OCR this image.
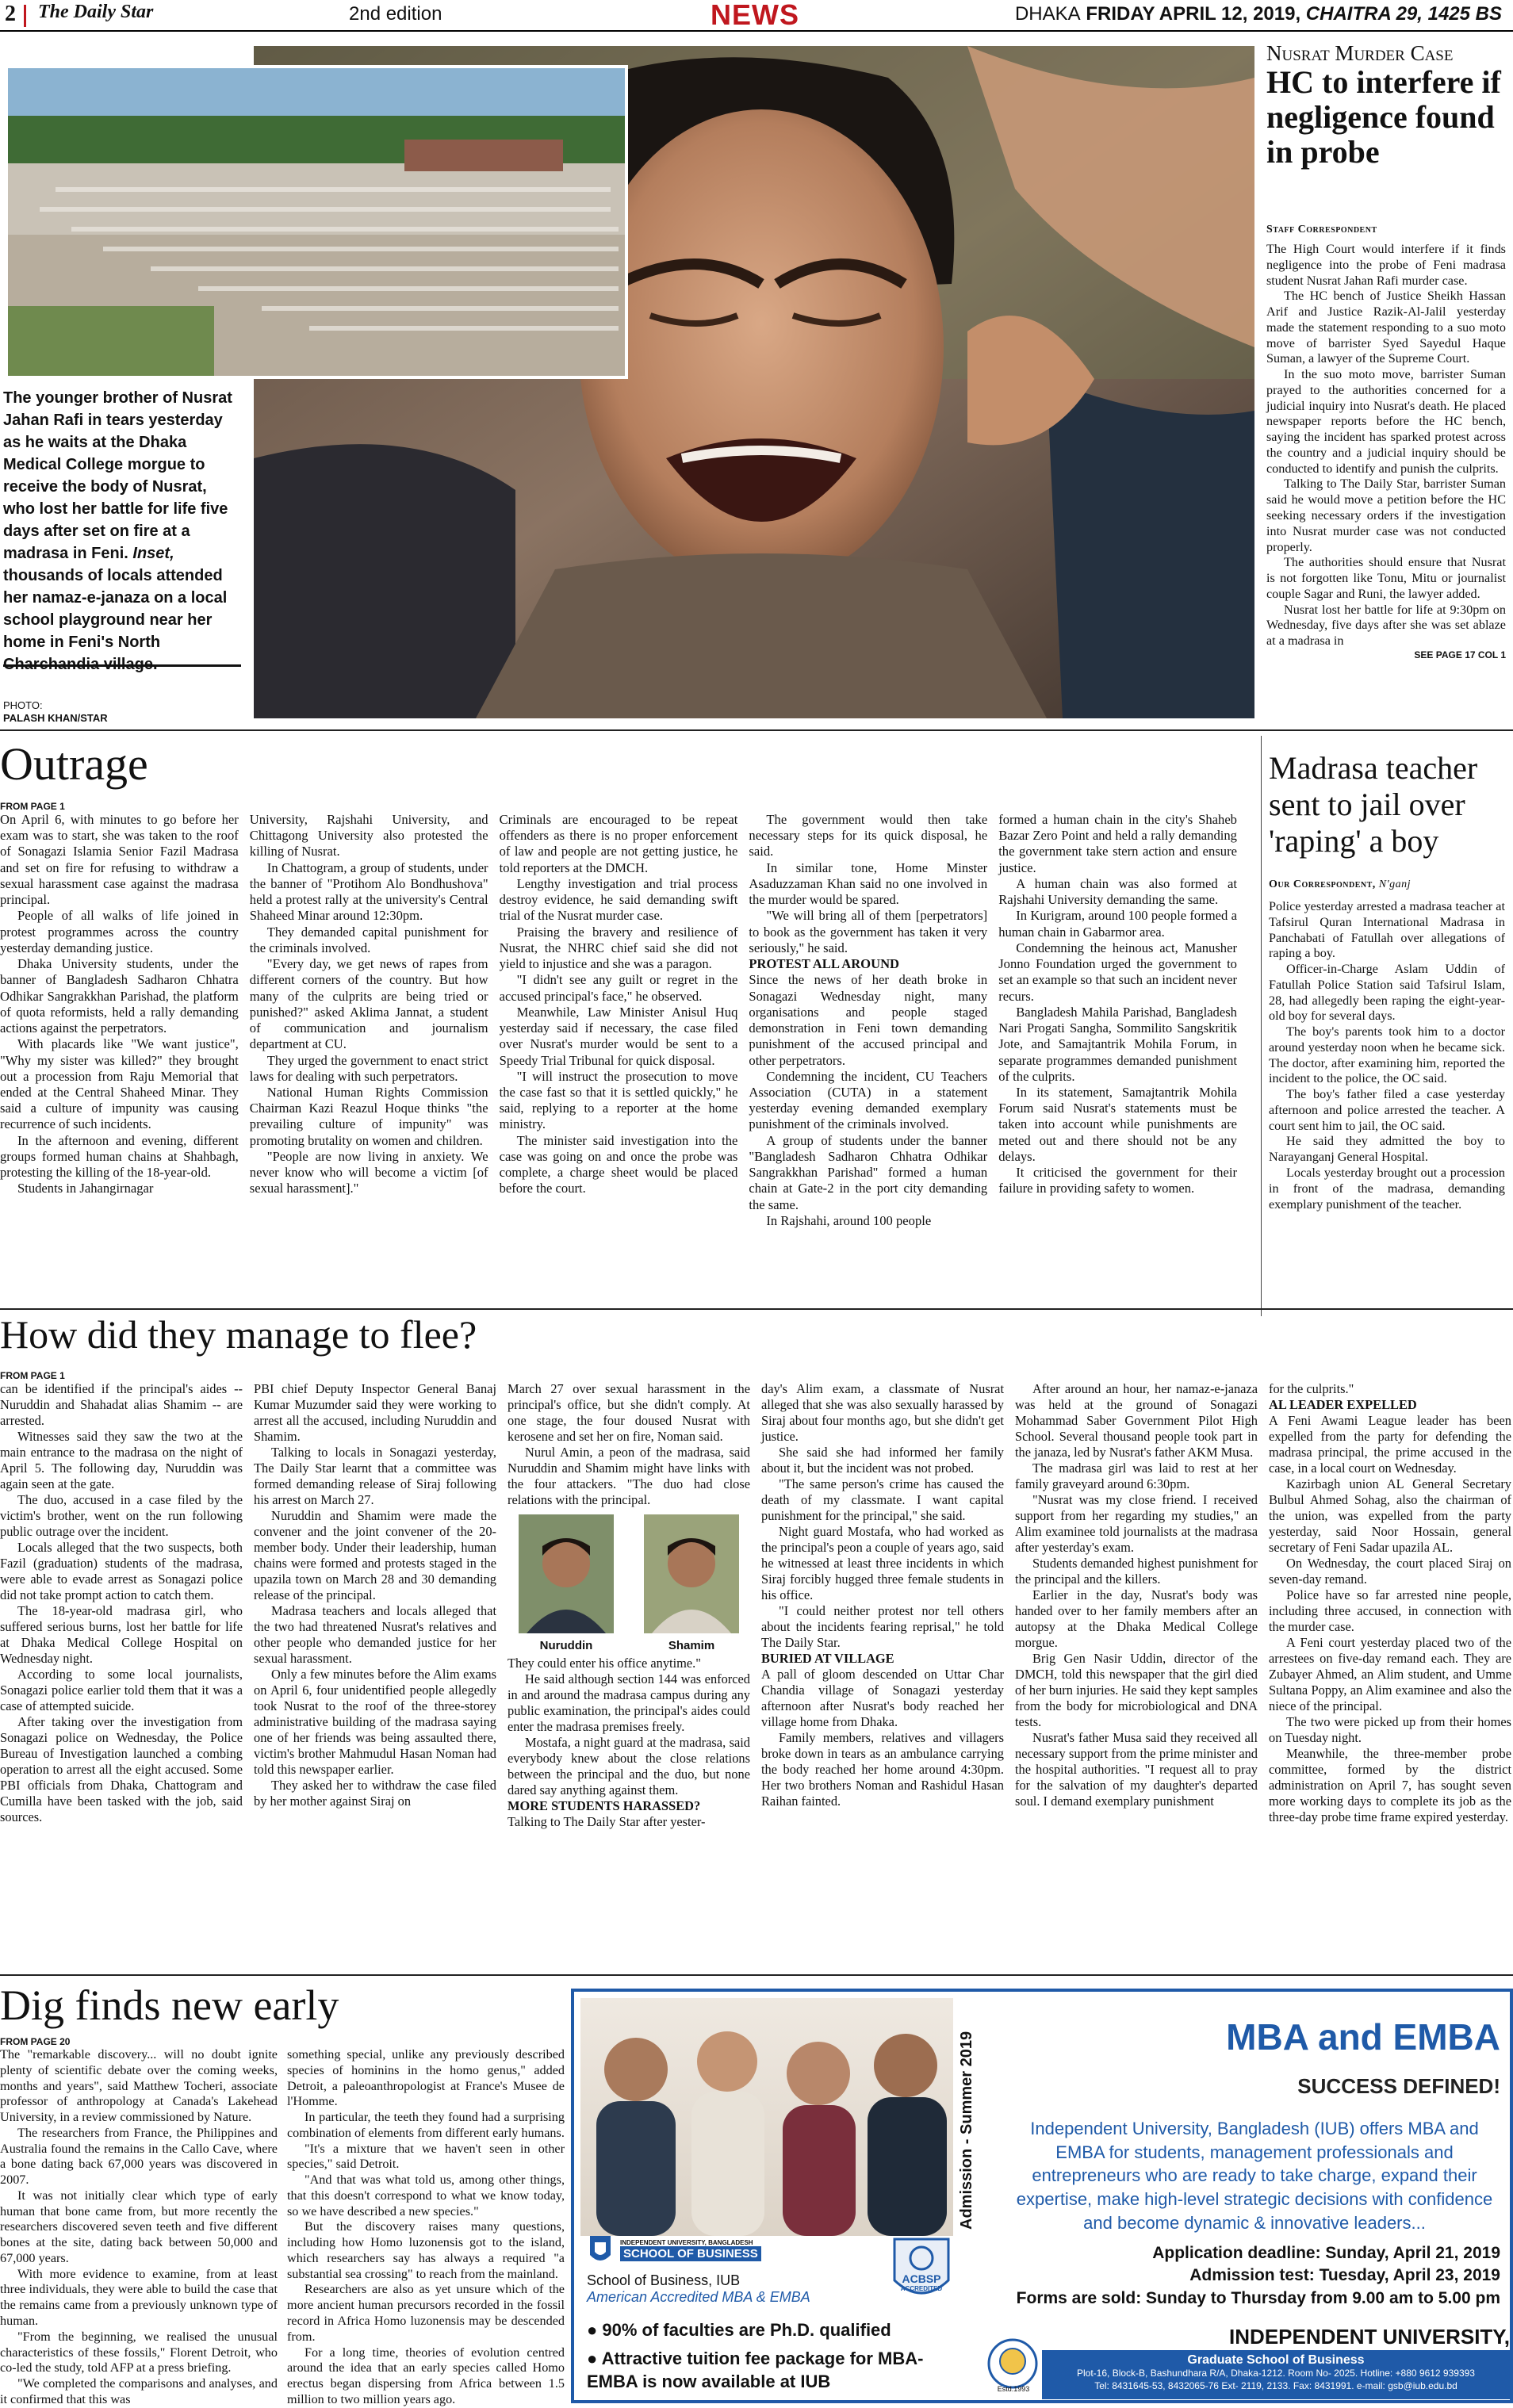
2 The Daily Star	2nd edition	NEWS	DHAKA FRIDAY APRIL 12, 2019, CHAITRA 29, 1425 BS
The younger brother of Nusrat Jahan Rafi in tears yesterday as he waits at the Dhaka Medical College morgue to receive the body of Nusrat, who lost her battle for life five days after set on fire at a madrasa in Feni. Inset, thousands of locals attended her namaz-e-janaza on a local school playground near her home in Feni's North
PHOTO:
PALASH KHAN/STAR
Nusrat Murder Case
HC to interfere if negligence found in probe
Staff Correspondent

The High Court would interfere if it finds negligence into the probe of Feni madrasa student Nusrat Jahan Rafi murder case.

The HC bench of Justice Sheikh Hassan Arif and Justice Razik-Al-Jalil yesterday made the statement responding to a suo moto move of barrister Syed Sayedul Haque Suman, a lawyer of the Supreme Court.

In the suo moto move, barrister Suman prayed to the authorities concerned for a judicial inquiry into Nusrat's death. He placed newspaper reports before the HC bench, saying the incident has sparked protest across the country and a judicial inquiry should be conducted to identify and punish the culprits.

Talking to The Daily Star, barrister Suman said he would move a petition before the HC seeking necessary orders if the investigation into Nusrat murder case was not conducted properly.

The authorities should ensure that Nusrat is not forgotten like Tonu, Mitu or journalist couple Sagar and Runi, the lawyer added.

Nusrat lost her battle for life at 9:30pm on Wednesday, five days after she was set ablaze at a madrasa in

SEE PAGE 17 COL 1
Outrage
FROM PAGE 1

On April 6, with minutes to go before her exam was to start, she was taken to the roof of Sonagazi Islamia Senior Fazil Madrasa and set on fire for refusing to withdraw a sexual harassment case against the madrasa principal.

People of all walks of life joined in protest programmes across the country yesterday demanding justice.

Dhaka University students, under the banner of Bangladesh Sadharon Chhatra Odhikar Sangrakkhan Parishad, the platform of quota reformists, held a rally demanding actions against the perpetrators.

With placards like "We want justice", "Why my sister was killed?" they brought out a procession from Raju Memorial that ended at the Central Shaheed Minar. They said a culture of impunity was causing recurrence of such incidents.

In the afternoon and evening, different groups formed human chains at Shahbagh, protesting the killing of the 18-year-old.

Students in Jahangirnagar

University, Rajshahi University, and Chittagong University also protested the killing of Nusrat.

In Chattogram, a group of students, under the banner of "Protihom Alo Bondhushova" held a protest rally at the university's Central Shaheed Minar around 12:30pm.

They demanded capital punishment for the criminals involved.

"Every day, we get news of rapes from different corners of the country. But how many of the culprits are being tried or punished?" asked Aklima Jannat, a student of communication and journalism department at CU.

They urged the government to enact strict laws for dealing with such perpetrators.

National Human Rights Commission Chairman Kazi Reazul Hoque thinks "the prevailing culture of impunity" was promoting brutality on women and children.

"People are now living in anxiety. We never know who will become a victim [of sexual harassment]."

Criminals are encouraged to be repeat offenders as there is no proper enforcement of law and people are not getting justice, he told reporters at the DMCH.

Lengthy investigation and trial process destroy evidence, he said demanding swift trial of the Nusrat murder case.

Praising the bravery and resilience of Nusrat, the NHRC chief said she did not yield to injustice and she was a paragon.

"I didn't see any guilt or regret in the accused principal's face," he observed.

Meanwhile, Law Minister Anisul Huq yesterday said if necessary, the case filed over Nusrat's murder would be sent to a Speedy Trial Tribunal for quick disposal.

"I will instruct the prosecution to move the case fast so that it is settled quickly," he said, replying to a reporter at the home ministry.

The minister said investigation into the case was going on and once the probe was complete, a charge sheet would be placed before the court.

The government would then take necessary steps for its quick disposal, he said.

In similar tone, Home Minster Asaduzzaman Khan said no one involved in the murder would be spared.

"We will bring all of them [perpetrators] to book as the government has taken it very seriously," he said.

PROTEST ALL AROUND

Since the news of her death broke in Sonagazi Wednesday night, many organisations and people staged demonstration in Feni town demanding punishment of the accused principal and other perpetrators.

Condemning the incident, CU Teachers Association (CUTA) in a statement yesterday evening demanded exemplary punishment of the criminals involved.

A group of students under the banner "Bangladesh Sadharon Chhatra Odhikar Sangrakkhan Parishad" formed a human chain at Gate-2 in the port city demanding the same.

In Rajshahi, around 100 people

formed a human chain in the city's Shaheb Bazar Zero Point and held a rally demanding the government take stern action and ensure justice.

A human chain was also formed at Rajshahi University demanding the same.

In Kurigram, around 100 people formed a human chain in Gabarmor area.

Condemning the heinous act, Manusher Jonno Foundation urged the government to set an example so that such an incident never recurs.

Bangladesh Mahila Parishad, Bangladesh Nari Progati Sangha, Sommilito Sangskritik Jote, and Samajtantrik Mohila Forum, in separate programmes demanded punishment of the culprits.

In its statement, Samajtantrik Mohila Forum said Nusrat's statements must be taken into account while punishments are meted out and there should not be any delays.

It criticised the government for their failure in providing safety to women.

Madrasa teacher sent to jail over 'raping' a boy
Our Correspondent, N'ganj

Police yesterday arrested a madrasa teacher at Tafsirul Quran International Madrasa in Panchabati of Fatullah over allegations of raping a boy.

Officer-in-Charge Aslam Uddin of Fatullah Police Station said Tafsirul Islam, 28, had allegedly been raping the eight-year-old boy for several days.

The boy's parents took him to a doctor around yesterday noon when he became sick. The doctor, after examining him, reported the incident to the police, the OC said.

The boy's father filed a case yesterday afternoon and police arrested the teacher. A court sent him to jail, the OC said.

He said they admitted the boy to Narayanganj General Hospital.

Locals yesterday brought out a procession in front of the madrasa, demanding exemplary punishment of the teacher.

How did they manage to flee?
FROM PAGE 1

can be identified if the principal's aides -- Nuruddin and Shahadat alias Shamim -- are arrested.

Witnesses said they saw the two at the main entrance to the madrasa on the night of April 5. The following day, Nuruddin was again seen at the gate.

The duo, accused in a case filed by the victim's brother, went on the run following public outrage over the incident.

Locals alleged that the two suspects, both Fazil (graduation) students of the madrasa, were able to evade arrest as Sonagazi police did not take prompt action to catch them.

The 18-year-old madrasa girl, who suffered serious burns, lost her battle for life at Dhaka Medical College Hospital on Wednesday night.

According to some local journalists, Sonagazi police earlier told them that it was a case of attempted suicide.

After taking over the investigation from Sonagazi police on Wednesday, the Police Bureau of Investigation launched a combing operation to arrest all the eight accused. Some PBI officials from Dhaka, Chattogram and Cumilla have been tasked with the job, said sources.

PBI chief Deputy Inspector General Banaj Kumar Muzumder said they were working to arrest all the accused, including Nuruddin and Shamim.

Talking to locals in Sonagazi yesterday, The Daily Star learnt that a committee was formed demanding release of Siraj following his arrest on March 27.

Nuruddin and Shamim were made the convener and the joint convener of the 20-member body. Under their leadership, human chains were formed and protests staged in the upazila town on March 28 and 30 demanding release of the principal.

Madrasa teachers and locals alleged that the two had threatened Nusrat's relatives and other people who demanded justice for her sexual harassment.

Only a few minutes before the Alim exams on April 6, four unidentified people allegedly took Nusrat to the roof of the three-storey administrative building of the madrasa saying one of her friends was being assaulted there, victim's brother Mahmudul Hasan Noman had told this newspaper earlier.

They asked her to withdraw the case filed by her mother against Siraj on

March 27 over sexual harassment in the principal's office, but she didn't comply. At one stage, the four doused Nusrat with kerosene and set her on fire, Noman said.

Nurul Amin, a peon of the madrasa, said Nuruddin and Shamim might have links with the four attackers. "The duo had close relations with the principal.

Nuruddin	Shamim

They could enter his office anytime."

He said although section 144 was enforced in and around the madrasa campus during any public examination, the principal's aides could enter the madrasa premises freely.

Mostafa, a night guard at the madrasa, said everybody knew about the close relations between the principal and the duo, but none dared say anything against them.

MORE STUDENTS HARASSED?

Talking to The Daily Star after yester-

day's Alim exam, a classmate of Nusrat alleged that she was also sexually harassed by Siraj about four months ago, but she didn't get justice.

She said she had informed her family about it, but the incident was not probed.

"The same person's crime has caused the death of my classmate. I want capital punishment for the principal," she said.

Night guard Mostafa, who had worked as the principal's peon a couple of years ago, said he witnessed at least three incidents in which Siraj forcibly hugged three female students in his office.

"I could neither protest nor tell others about the incidents fearing reprisal," he told The Daily Star.

BURIED AT VILLAGE

A pall of gloom descended on Uttar Char Chandia village of Sonagazi yesterday afternoon after Nusrat's body reached her village home from Dhaka.

Family members, relatives and villagers broke down in tears as an ambulance carrying the body reached her home around 4:30pm. Her two brothers Noman and Rashidul Hasan Raihan fainted.

After around an hour, her namaz-e-janaza was held at the ground of Sonagazi Mohammad Saber Government Pilot High School. Several thousand people took part in the janaza, led by Nusrat's father AKM Musa.

The madrasa girl was laid to rest at her family graveyard around 6:30pm.

"Nusrat was my close friend. I received support from her regarding my studies," an Alim examinee told journalists at the madrasa after yesterday's exam.

Students demanded highest punishment for the principal and the killers.

Earlier in the day, Nusrat's body was handed over to her family members after an autopsy at the Dhaka Medical College morgue.

Brig Gen Nasir Uddin, director of the DMCH, told this newspaper that the girl died of her burn injuries. He said they kept samples from the body for microbiological and DNA tests.

Nusrat's father Musa said they received all necessary support from the prime minister and the hospital authorities. "I request all to pray for the salvation of my daughter's departed soul. I demand exemplary punishment

for the culprits."

AL LEADER EXPELLED

A Feni Awami League leader has been expelled from the party for defending the madrasa principal, the prime accused in the case, in a local court on Wednesday.

Kazirbagh union AL General Secretary Bulbul Ahmed Sohag, also the chairman of the union, was expelled from the party yesterday, said Noor Hossain, general secretary of Feni Sadar upazila AL.

On Wednesday, the court placed Siraj on seven-day remand.

Police have so far arrested nine people, including three accused, in connection with the murder case.

A Feni court yesterday placed two of the arrestees on five-day remand each. They are Zubayer Ahmed, an Alim student, and Umme Sultana Poppy, an Alim examinee and also the niece of the principal.

The two were picked up from their homes on Tuesday night.

Meanwhile, the three-member probe committee, formed by the district administration on April 7, has sought seven more working days to complete its job as the three-day probe time frame expired yesterday.

Dig finds new early
FROM PAGE 20

The "remarkable discovery... will no doubt ignite plenty of scientific debate over the coming weeks, months and years", said Matthew Tocheri, associate professor of anthropology at Canada's Lakehead University, in a review commissioned by Nature.

The researchers from France, the Philippines and Australia found the remains in the Callo Cave, where a bone dating back 67,000 years was discovered in 2007.

It was not initially clear which type of early human that bone came from, but more recently the researchers discovered seven teeth and five different bones at the site, dating back between 50,000 and 67,000 years.

With more evidence to examine, from at least three individuals, they were able to build the case that the remains came from a previously unknown type of human.

"From the beginning, we realised the unusual characteristics of these fossils," Florent Detroit, who co-led the study, told AFP at a press briefing.

"We completed the comparisons and analyses, and it confirmed that this was

something special, unlike any previously described species of hominins in the homo genus," added Detroit, a paleoanthropologist at France's Musee de l'Homme.

In particular, the teeth they found had a surprising combination of elements from different early humans.

"It's a mixture that we haven't seen in other species," said Detroit.

"And that was what told us, among other things, that this doesn't correspond to what we know today, so we have described a new species."

But the discovery raises many questions, including how Homo luzonensis got to the island, which researchers say has always a required "a substantial sea crossing" to reach from the mainland.

Researchers are also as yet unsure which of the more ancient human precursors recorded in the fossil record in Africa Homo luzonensis may be descended from.

For a long time, theories of evolution centred around the idea that an early species called Homo erectus began dispersing from Africa between 1.5 million to two million years ago.

Admission - Summer 2019	MBA and EMBA
SUCCESS DEFINED!
Independent University, Bangladesh (IUB) offers MBA and EMBA for students, management professionals and entrepreneurs who are ready to take charge, expand their expertise, make high-level strategic decisions with confidence and become dynamic & innovative leaders...
Application deadline: Sunday, April 21, 2019
Admission test: Tuesday, April 23, 2019
Forms are sold: Sunday to Thursday from 9.00 am to 5.00 pm
INDEPENDENT UNIVERSITY, BANGLADESH
SCHOOL OF BUSINESS
School of Business, IUB
American Accredited MBA & EMBA
ACBSP
ACCREDITED
● 90% of faculties are Ph.D. qualified
● Attractive tuition fee package for MBA-EMBA is now available at IUB	Estd.1993
INDEPENDENT UNIVERSITY,
Graduate School of Business
Plot-16, Block-B, Bashundhara R/A, Dhaka-1212. Room No- 2025. Hotline: +880 9612 939393
Tel: 8431645-53, 8432065-76 Ext- 2119, 2133. Fax: 8431991. e-mail: gsb@iub.edu.bd
